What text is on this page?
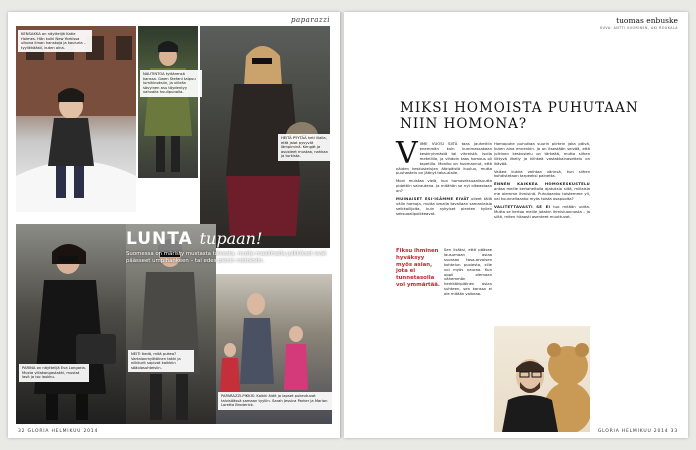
paparazzi
KENSAKKA on näyttelijä Katie Holmes. Hän kulki New Yorkissa ulkona ilman hanskoja ja kauluria – tyylikkäästi, kuten aina.
NAUTINTOA tyttärensä kanssa. Gwen Stefani taipuu lumikinoksiin, ja viileän sävyinen asu täydentyy vahvalla huulipunalla.
HEITÄ PYYTÄÄ heti illalla, että jalat pysyvät lämpiminä. Kengät ja asusteet mustaa, nahkaa ja turkista.
PARINA on näyttelijä Eva Longoria. Musta villakangastakki, mustat lasit ja iso laukku.
NEITI tiedä, mitä pukea? Vartalonmyötäinen takki ja nilkkurit sopivat kaikkiin sääolosuhteisiin.
PAPARAZZI-PIKKIS: Kaikki äidit ja lapset pukeutuvat talvisäässä samaan tyyliin. Sarah Jessica Parker ja Marion Loretta Broderick.
LUNTA tupaan!
Suomessa on märisty mustasta talvesta, mutta maailmalla julkkikset ovat päässeet umpihankeen – tai edes pienin nietoksiin.
32 GLORIA HELMIKUU 2014
tuomas enbuske
KUVA: ANTTI VUORINEN, AKI ROUKALA
MIKSI HOMOISTA PUHUTAAN NIIN HOMONA?
V IIME VUOSI SIITÄ taas jauhettiin enemmän kuin kummassakaan keskiryhmästä tai vihreistä. Isolla meteliilla, ja vihdoin taas homous oli tapetilla. Moniko on huomannut, että näiden keskustelujen ääripäistä kuuluu, mutta puuhastelu on jäänyt taka-alalle.

Moni muistaa vielä, kun homoseksuaalisuutta pidettiin sairautena. Ja mitähän se nyt oikeastaan on?

MUINAISET ESI-ISÄMME EIVÄT olleet tällä välin homoja, mutta omalla tavallaan samanlaisia seikkailijoita, kuin nykyiset pienten kylien seksuaalipoikkeavat.

Fiksu ihminen hyväksyy myös asian, jota ei tunnetasolla voi ymmärtää.

Sen lisäksi, että pääsee lausumaan asiaa suoraan tasa-arvoisen kohtelun puolesta, sille voi myös nauraa. Kun oppii olemaan vähemmän herkkähipiäinen asian suhteen, sen kanssa ei ole mitään vaikeaa.

Homopuhe puhuttaa suurin piirtein joka päivä, kuten aina ennenkin. Ja on itsestään selvää, että julkinen keskustelu on tärkeää, mutta siihen liittyvä ilkeily ja kiihkeä vastakkainasettelu on ikävää.

Valkea kukka vaihtaa värinsä, kun siihen kohdistetaan tarpeeksi painetta.

ENNEN KAIKKEA HOMOKESKUSTELU antaa meille kertaheitolla ajatuksia siitä, millaisia me olemme ihmisinä. Puhutaanko toistemme yli, vai kuunnellaanko myös toista osapuolta?

VALITETTAVASTI SE EI tuo mitään uutta. Mutta se kertoo meille jotakin ihmisluonnosta – ja siitä, miten hitaasti asenteet muuttuvat.

GLORIA HELMIKUU 2014 33
